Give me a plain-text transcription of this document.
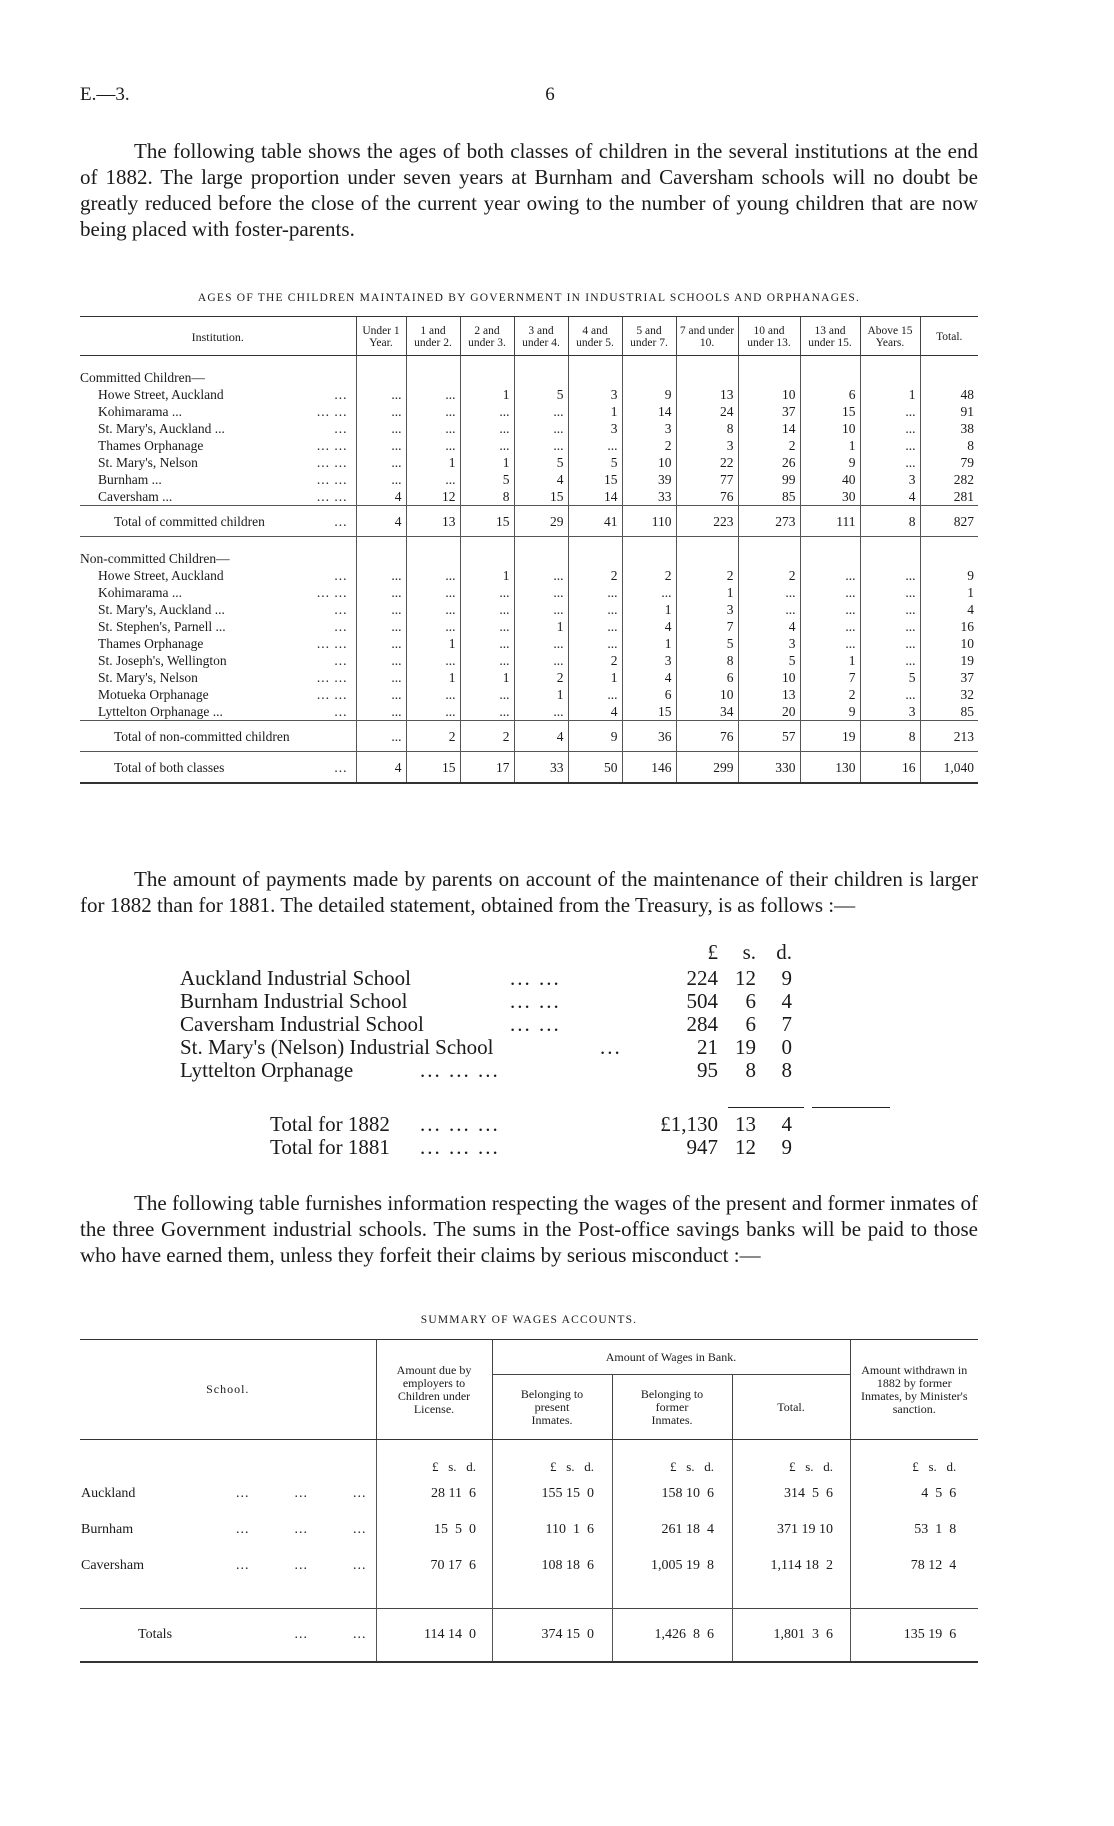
E.—3.	6

The following table shows the ages of both classes of children in the several institutions at the end of 1882. The large proportion under seven years at Burnham and Caversham schools will no doubt be greatly reduced before the close of the current year owing to the number of young children that are now being placed with foster-parents.

AGES OF THE CHILDREN MAINTAINED BY GOVERNMENT IN INDUSTRIAL SCHOOLS AND ORPHANAGES.
Institution.	Under 1 Year.	1 and under 2.	2 and under 3.	3 and under 4.	4 and under 5.	5 and under 7.	7 and under 10.	10 and under 13.	13 and under 15.	Above 15 Years.	Total.

Committed Children—											
Howe Street, Auckland ...	...	...	1	5	3	9	13	10	6	1	48
Kohimarama ... ... ...	...	...	...	...	1	14	24	37	15	...	91
St. Mary's, Auckland ... ...	...	...	...	...	3	3	8	14	10	...	38
Thames Orphanage ... ...	...	...	...	...	...	2	3	2	1	...	8
St. Mary's, Nelson ... ...	...	1	1	5	5	10	22	26	9	...	79
Burnham ... ... ...	...	...	5	4	15	39	77	99	40	3	282
Caversham ... ... ...	4	12	8	15	14	33	76	85	30	4	281
Total of committed children ...	4	13	15	29	41	110	223	273	111	8	827

Non-committed Children—											
Howe Street, Auckland ...	...	...	1	...	2	2	2	2	...	...	9
Kohimarama ... ... ...	...	...	...	...	...	...	1	...	...	...	1
St. Mary's, Auckland ... ...	...	...	...	...	...	1	3	...	...	...	4
St. Stephen's, Parnell ... ...	...	...	...	1	...	4	7	4	...	...	16
Thames Orphanage ... ...	...	1	...	...	...	1	5	3	...	...	10
St. Joseph's, Wellington ...	...	...	...	...	2	3	8	5	1	...	19
St. Mary's, Nelson ... ...	...	1	1	2	1	4	6	10	7	5	37
Motueka Orphanage ... ...	...	...	...	1	...	6	10	13	2	...	32
Lyttelton Orphanage ... ...	...	...	...	...	4	15	34	20	9	3	85
Total of non-committed children	...	2	2	4	9	36	76	57	19	8	213
Total of both classes ...	4	15	17	33	50	146	299	330	130	16	1,040

The amount of payments made by parents on account of the maintenance of their children is larger for 1882 than for 1881. The detailed statement, obtained from the Treasury, is as follows :—

£	s. d.
Auckland Industrial School	... ...	224 12	9
Burnham Industrial School	... ...	504	6	4
Caversham Industrial School	... ...	284	6	7
St. Mary's (Nelson) Industrial School	...	21 19	0
Lyttelton Orphanage	... ... ...	95	8	8
Total for 1882 ... ... ...	£1,130 13	4
Total for 1881 ... ... ...	947 12	9

The following table furnishes information respecting the wages of the present and former inmates of the three Government industrial schools. The sums in the Post-office savings banks will be paid to those who have earned them, unless they forfeit their claims by serious misconduct :—

SUMMARY OF WAGES ACCOUNTS.
School.	Amount due by employers to Children under License.	Amount of Wages in Bank.			Amount withdrawn in 1882 by former Inmates, by Minister's sanction.
		Belonging to present Inmates.	Belonging to former Inmates.	Total.	
	£   s.   d.	£   s.   d.	£   s.   d.	£   s.   d.	£   s.   d.
Auckland ...          ...          ...	28 11  6	155 15  0	158 10  6	314  5  6	4  5  6
Burnham ...          ...          ...	15  5  0	110  1  6	261 18  4	371 19 10	53  1  8
Caversham ...          ...          ...	70 17  6	108 18  6	1,005 19  8	1,114 18  2	78 12  4

Totals ...          ...	114 14  0	374 15  0	1,426  8  6	1,801  3  6	135 19  6
